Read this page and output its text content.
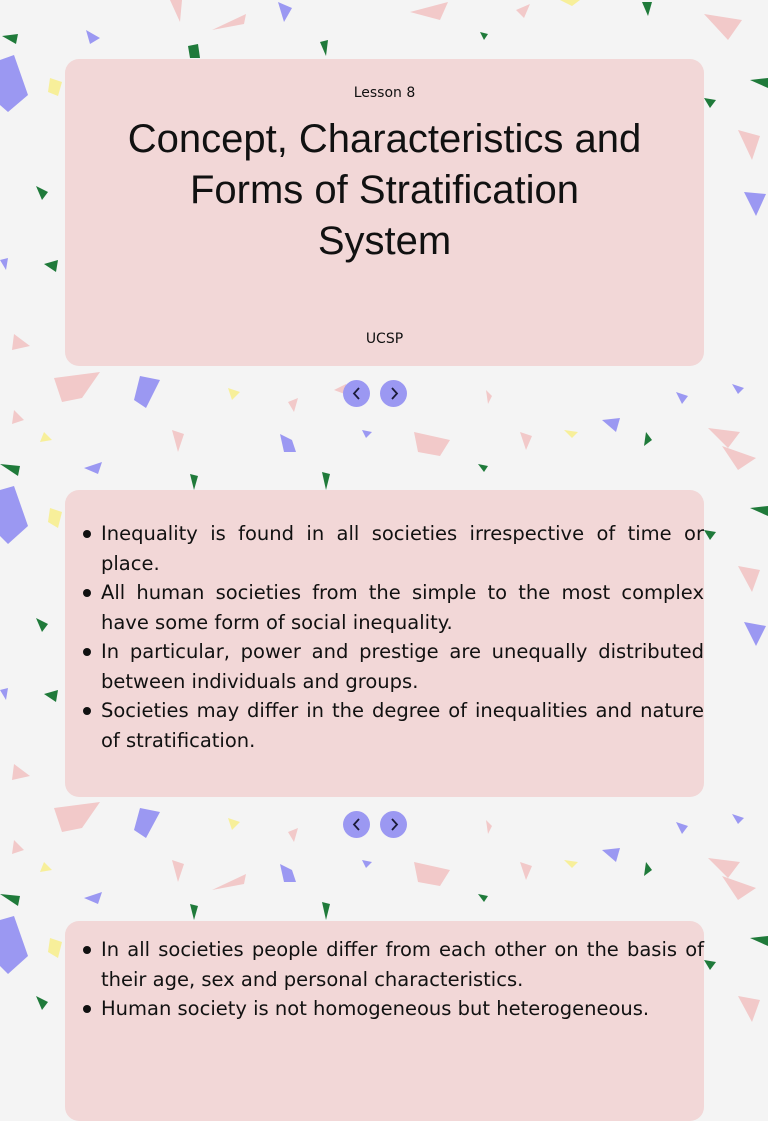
Lesson 8
Concept, Characteristics and Forms of Stratification System
UCSP
Inequality is found in all societies irrespective of time or place.
All human societies from the simple to the most complex have some form of social inequality.
In particular, power and prestige are unequally distributed between individuals and groups.
Societies may differ in the degree of inequalities and nature of stratification.
In all societies people differ from each other on the basis of their age, sex and personal characteristics.
Human society is not homogeneous but heterogeneous.
